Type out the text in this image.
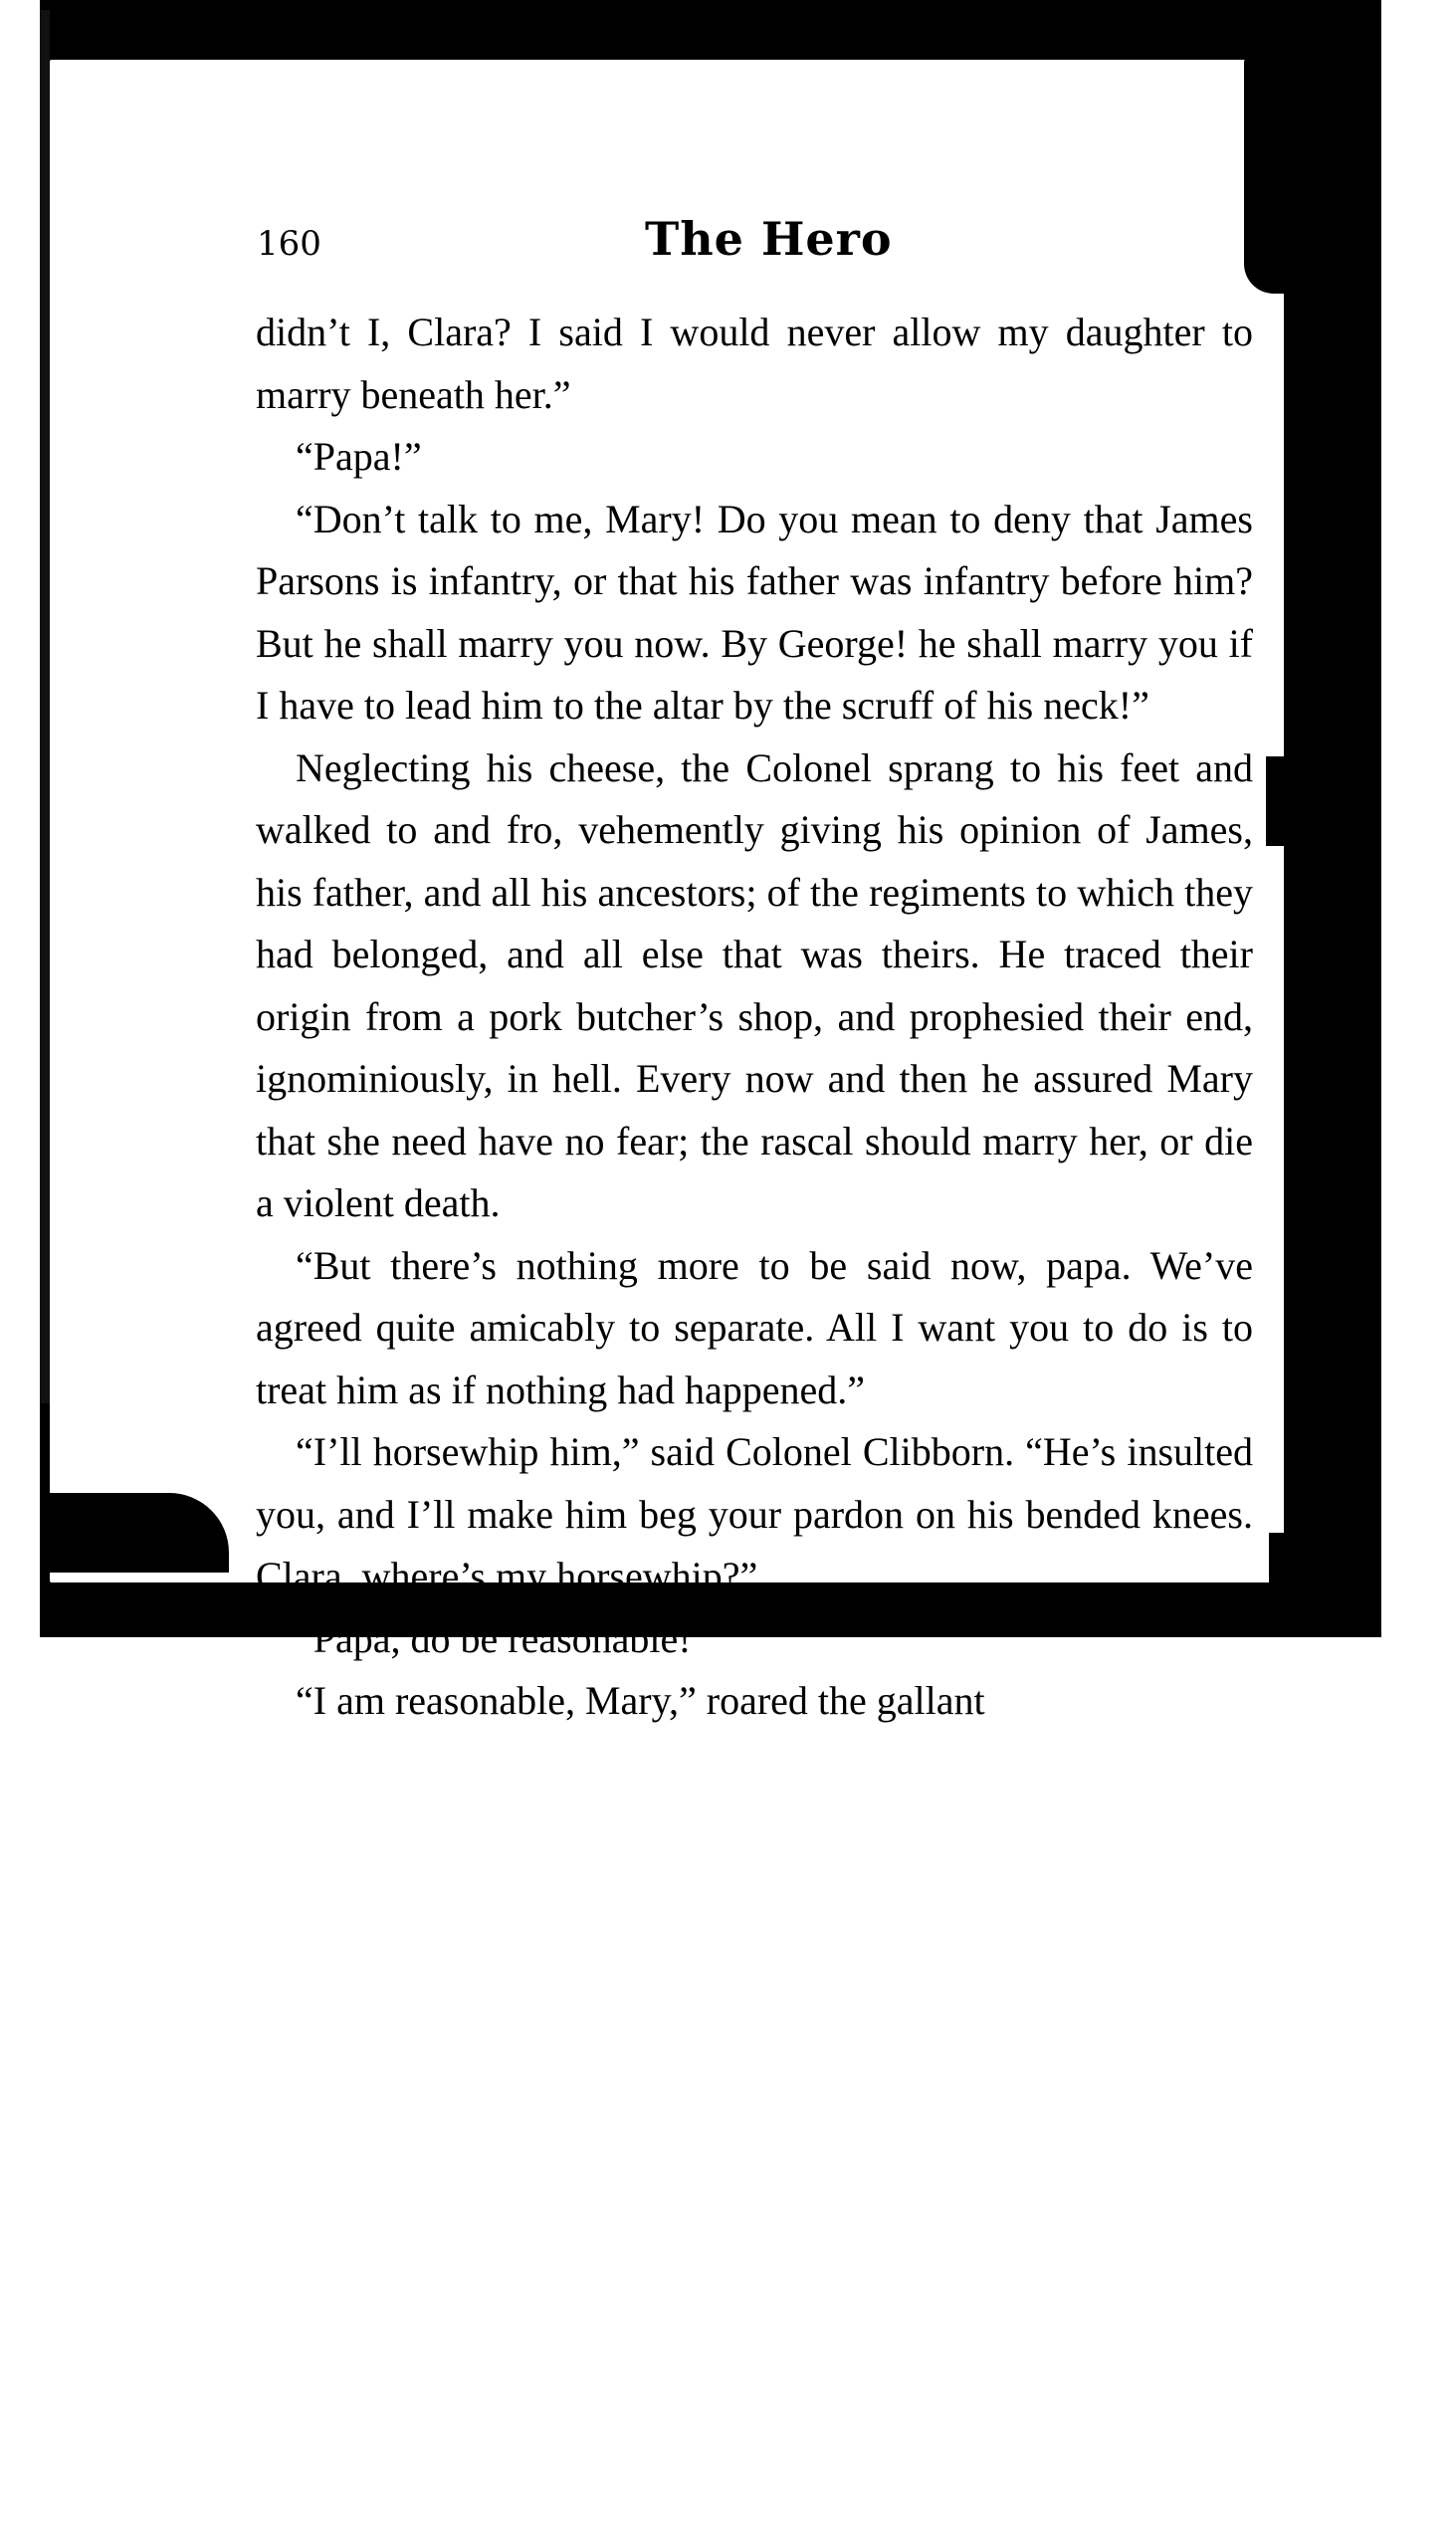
160	The Hero

didn’t I, Clara? I said I would never allow my daughter to marry beneath her.”

“Papa!”

“Don’t talk to me, Mary! Do you mean to deny that James Parsons is infantry, or that his father was infantry before him? But he shall marry you now. By George! he shall marry you if I have to lead him to the altar by the scruff of his neck!”

Neglecting his cheese, the Colonel sprang to his feet and walked to and fro, vehemently giving his opinion of James, his father, and all his ancestors; of the regiments to which they had belonged, and all else that was theirs. He traced their origin from a pork butcher’s shop, and prophesied their end, ignominiously, in hell. Every now and then he assured Mary that she need have no fear; the rascal should marry her, or die a violent death.

“But there’s nothing more to be said now, papa. We’ve agreed quite amicably to separate. All I want you to do is to treat him as if nothing had happened.”

“I’ll horsewhip him,” said Colonel Clibborn. “He’s insulted you, and I’ll make him beg your pardon on his bended knees. Clara, where’s my horsewhip?”

“Papa, do be reasonable!”

“I am reasonable, Mary,” roared the gallant
